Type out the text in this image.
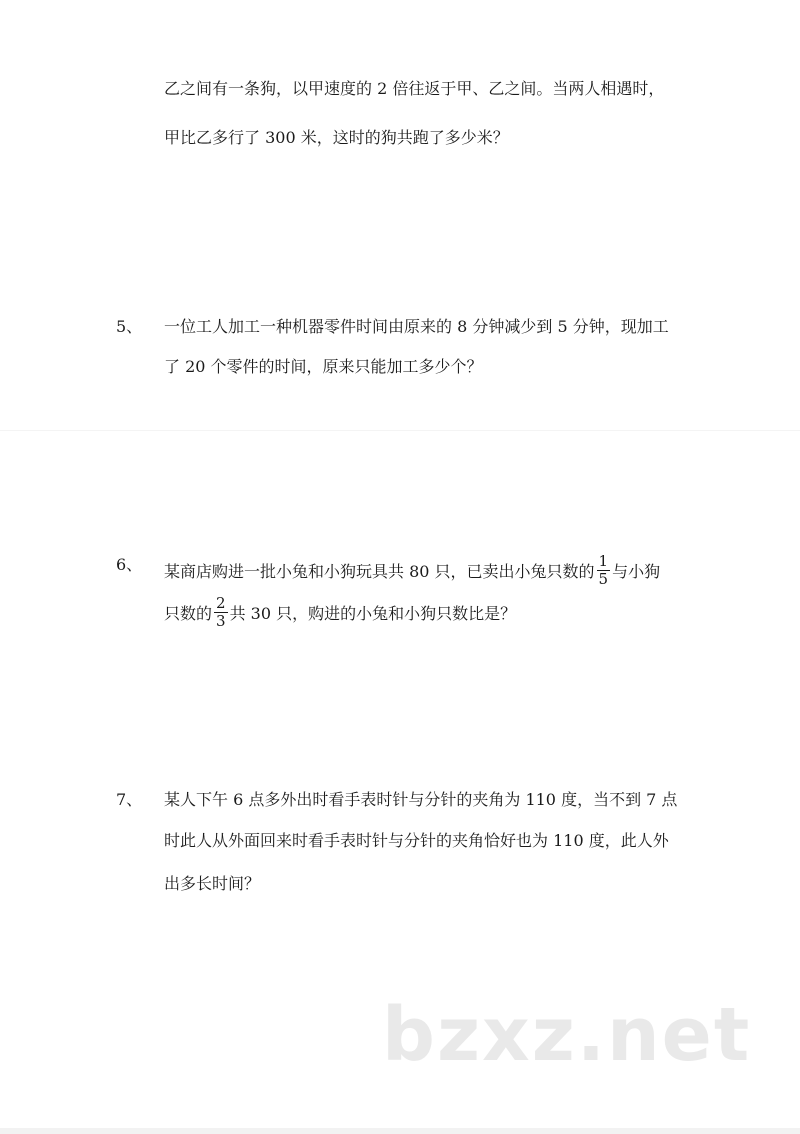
乙之间有一条狗，以甲速度的 2 倍往返于甲、乙之间。当两人相遇时，
甲比乙多行了 300 米，这时的狗共跑了多少米？
5、 一位工人加工一种机器零件时间由原来的 8 分钟减少到 5 分钟，现加工
了 20 个零件的时间，原来只能加工多少个？
6、 某商店购进一批小兔和小狗玩具共 80 只，已卖出小兔只数的 $\frac{1}{5}$ 与小狗
只数的 $\frac{2}{3}$ 共 30 只，购进的小兔和小狗只数比是？
7、 某人下午 6 点多外出时看手表时针与分针的夹角为 110 度，当不到 7 点
时此人从外面回来时看手表时针与分针的夹角恰好也为 110 度，此人外
出多长时间？
bzxz.net
